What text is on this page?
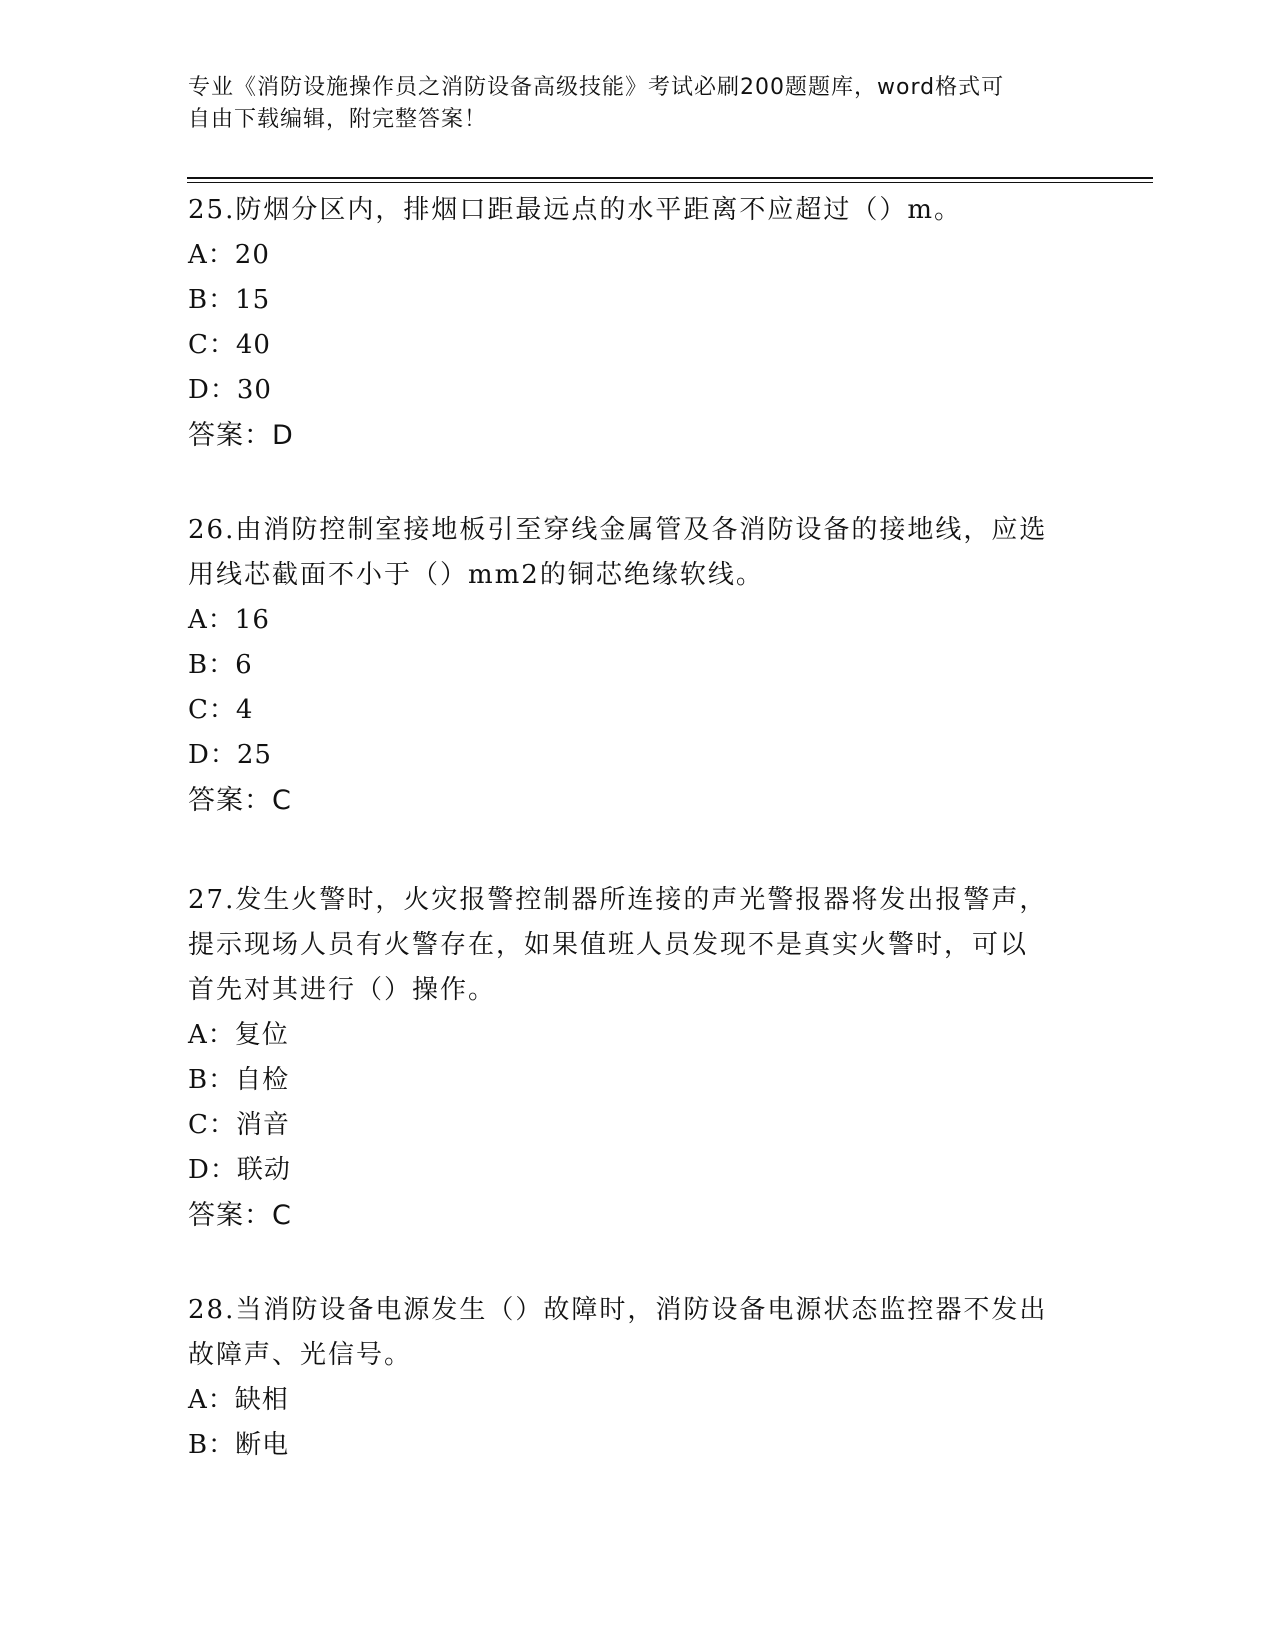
专业《消防设施操作员之消防设备高级技能》考试必刷200题题库，word格式可
自由下载编辑，附完整答案！
25.防烟分区内，排烟口距最远点的水平距离不应超过（）m。
A：20
B：15
C：40
D：30
答案：D
26.由消防控制室接地板引至穿线金属管及各消防设备的接地线，应选
用线芯截面不小于（）mm2的铜芯绝缘软线。
A：16
B：6
C：4
D：25
答案：C
27.发生火警时，火灾报警控制器所连接的声光警报器将发出报警声，
提示现场人员有火警存在，如果值班人员发现不是真实火警时，可以
首先对其进行（）操作。
A：复位
B：自检
C：消音
D：联动
答案：C
28.当消防设备电源发生（）故障时，消防设备电源状态监控器不发出
故障声、光信号。
A：缺相
B：断电
